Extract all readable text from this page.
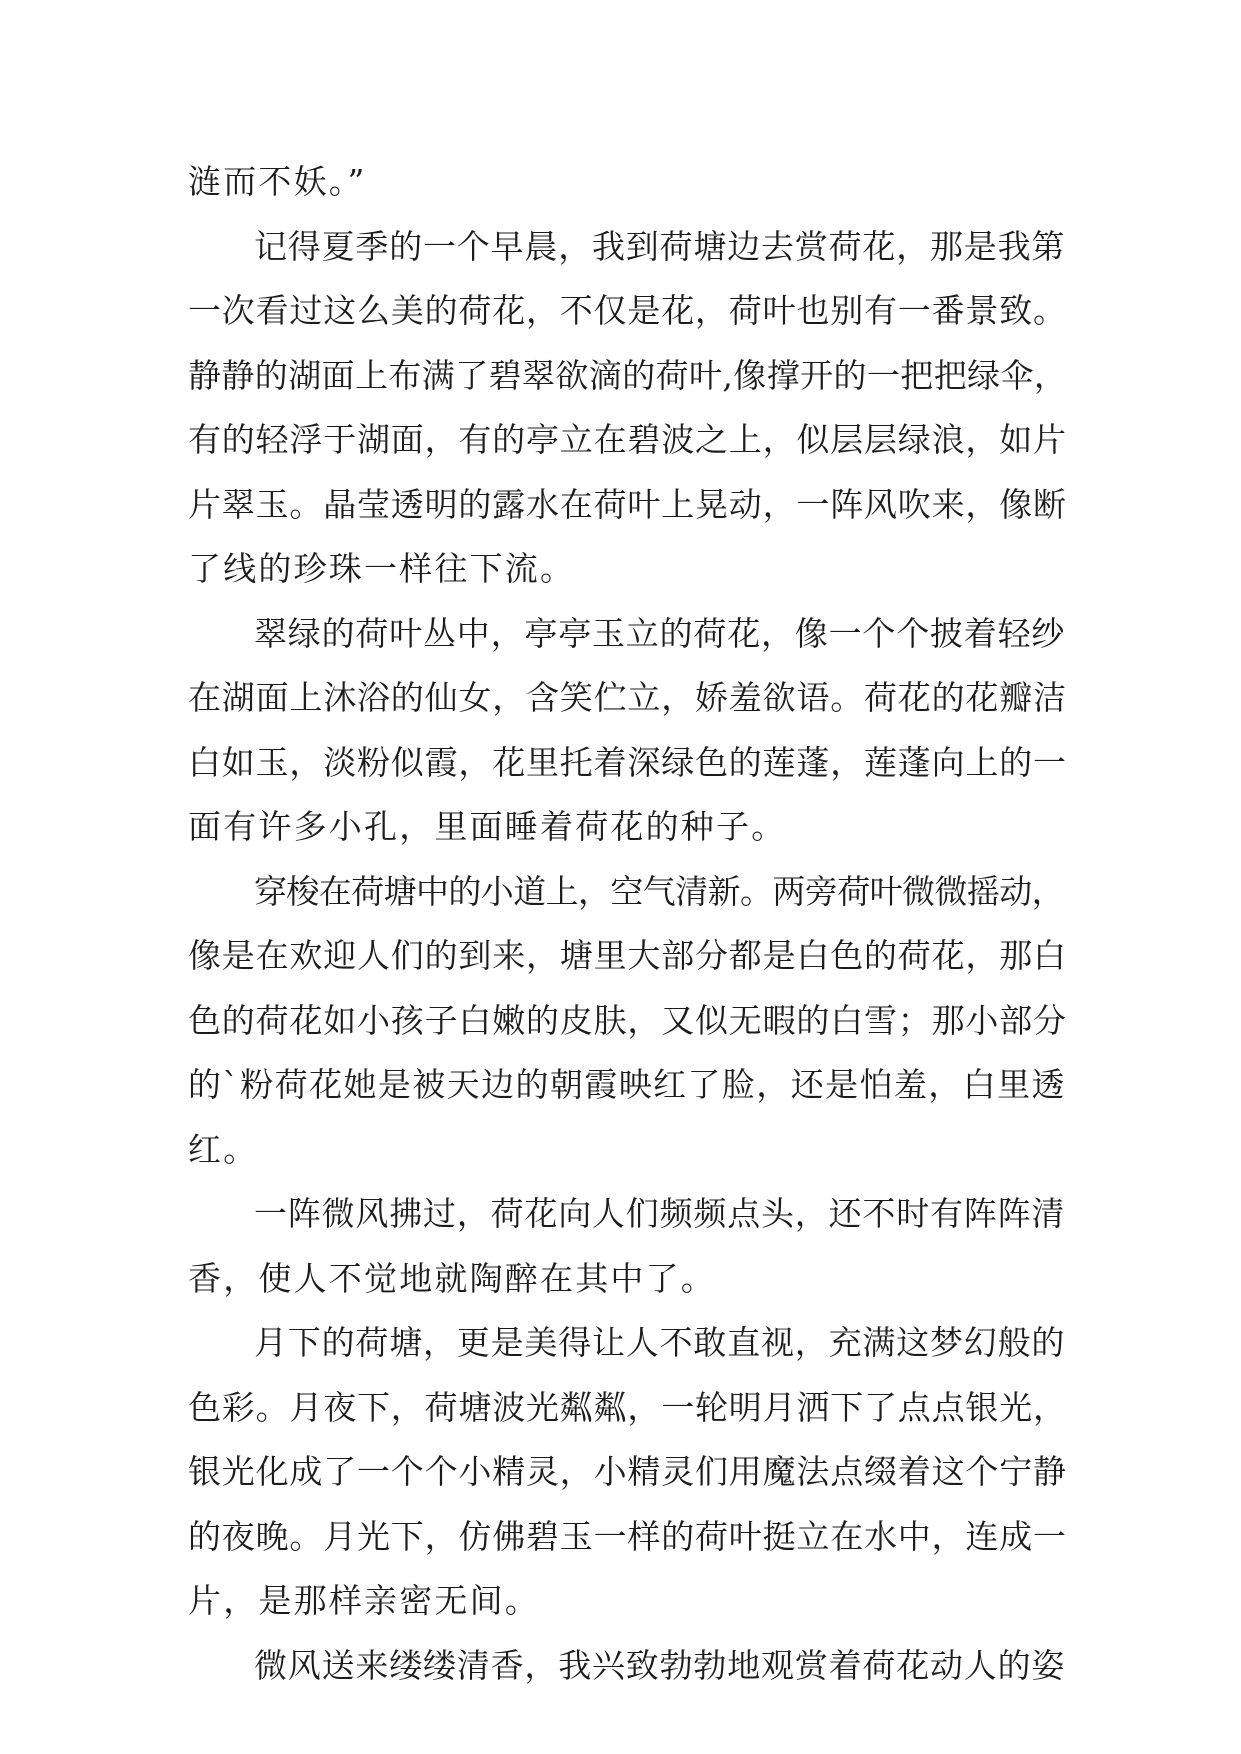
涟而不妖。”
记得夏季的一个早晨，我到荷塘边去赏荷花，那是我第
一次看过这么美的荷花，不仅是花，荷叶也别有一番景致。
静静的湖面上布满了碧翠欲滴的荷叶,像撑开的一把把绿伞，
有的轻浮于湖面，有的亭立在碧波之上，似层层绿浪，如片
片翠玉。晶莹透明的露水在荷叶上晃动，一阵风吹来，像断
了线的珍珠一样往下流。
翠绿的荷叶丛中，亭亭玉立的荷花，像一个个披着轻纱
在湖面上沐浴的仙女，含笑伫立，娇羞欲语。荷花的花瓣洁
白如玉，淡粉似霞，花里托着深绿色的莲蓬，莲蓬向上的一
面有许多小孔，里面睡着荷花的种子。
穿梭在荷塘中的小道上，空气清新。两旁荷叶微微摇动，
像是在欢迎人们的到来，塘里大部分都是白色的荷花，那白
色的荷花如小孩子白嫩的皮肤，又似无暇的白雪；那小部分
的`粉荷花她是被天边的朝霞映红了脸，还是怕羞，白里透
红。
一阵微风拂过，荷花向人们频频点头，还不时有阵阵清
香，使人不觉地就陶醉在其中了。
月下的荷塘，更是美得让人不敢直视，充满这梦幻般的
色彩。月夜下，荷塘波光粼粼，一轮明月洒下了点点银光，
银光化成了一个个小精灵，小精灵们用魔法点缀着这个宁静
的夜晚。月光下，仿佛碧玉一样的荷叶挺立在水中，连成一
片，是那样亲密无间。
微风送来缕缕清香，我兴致勃勃地观赏着荷花动人的姿
